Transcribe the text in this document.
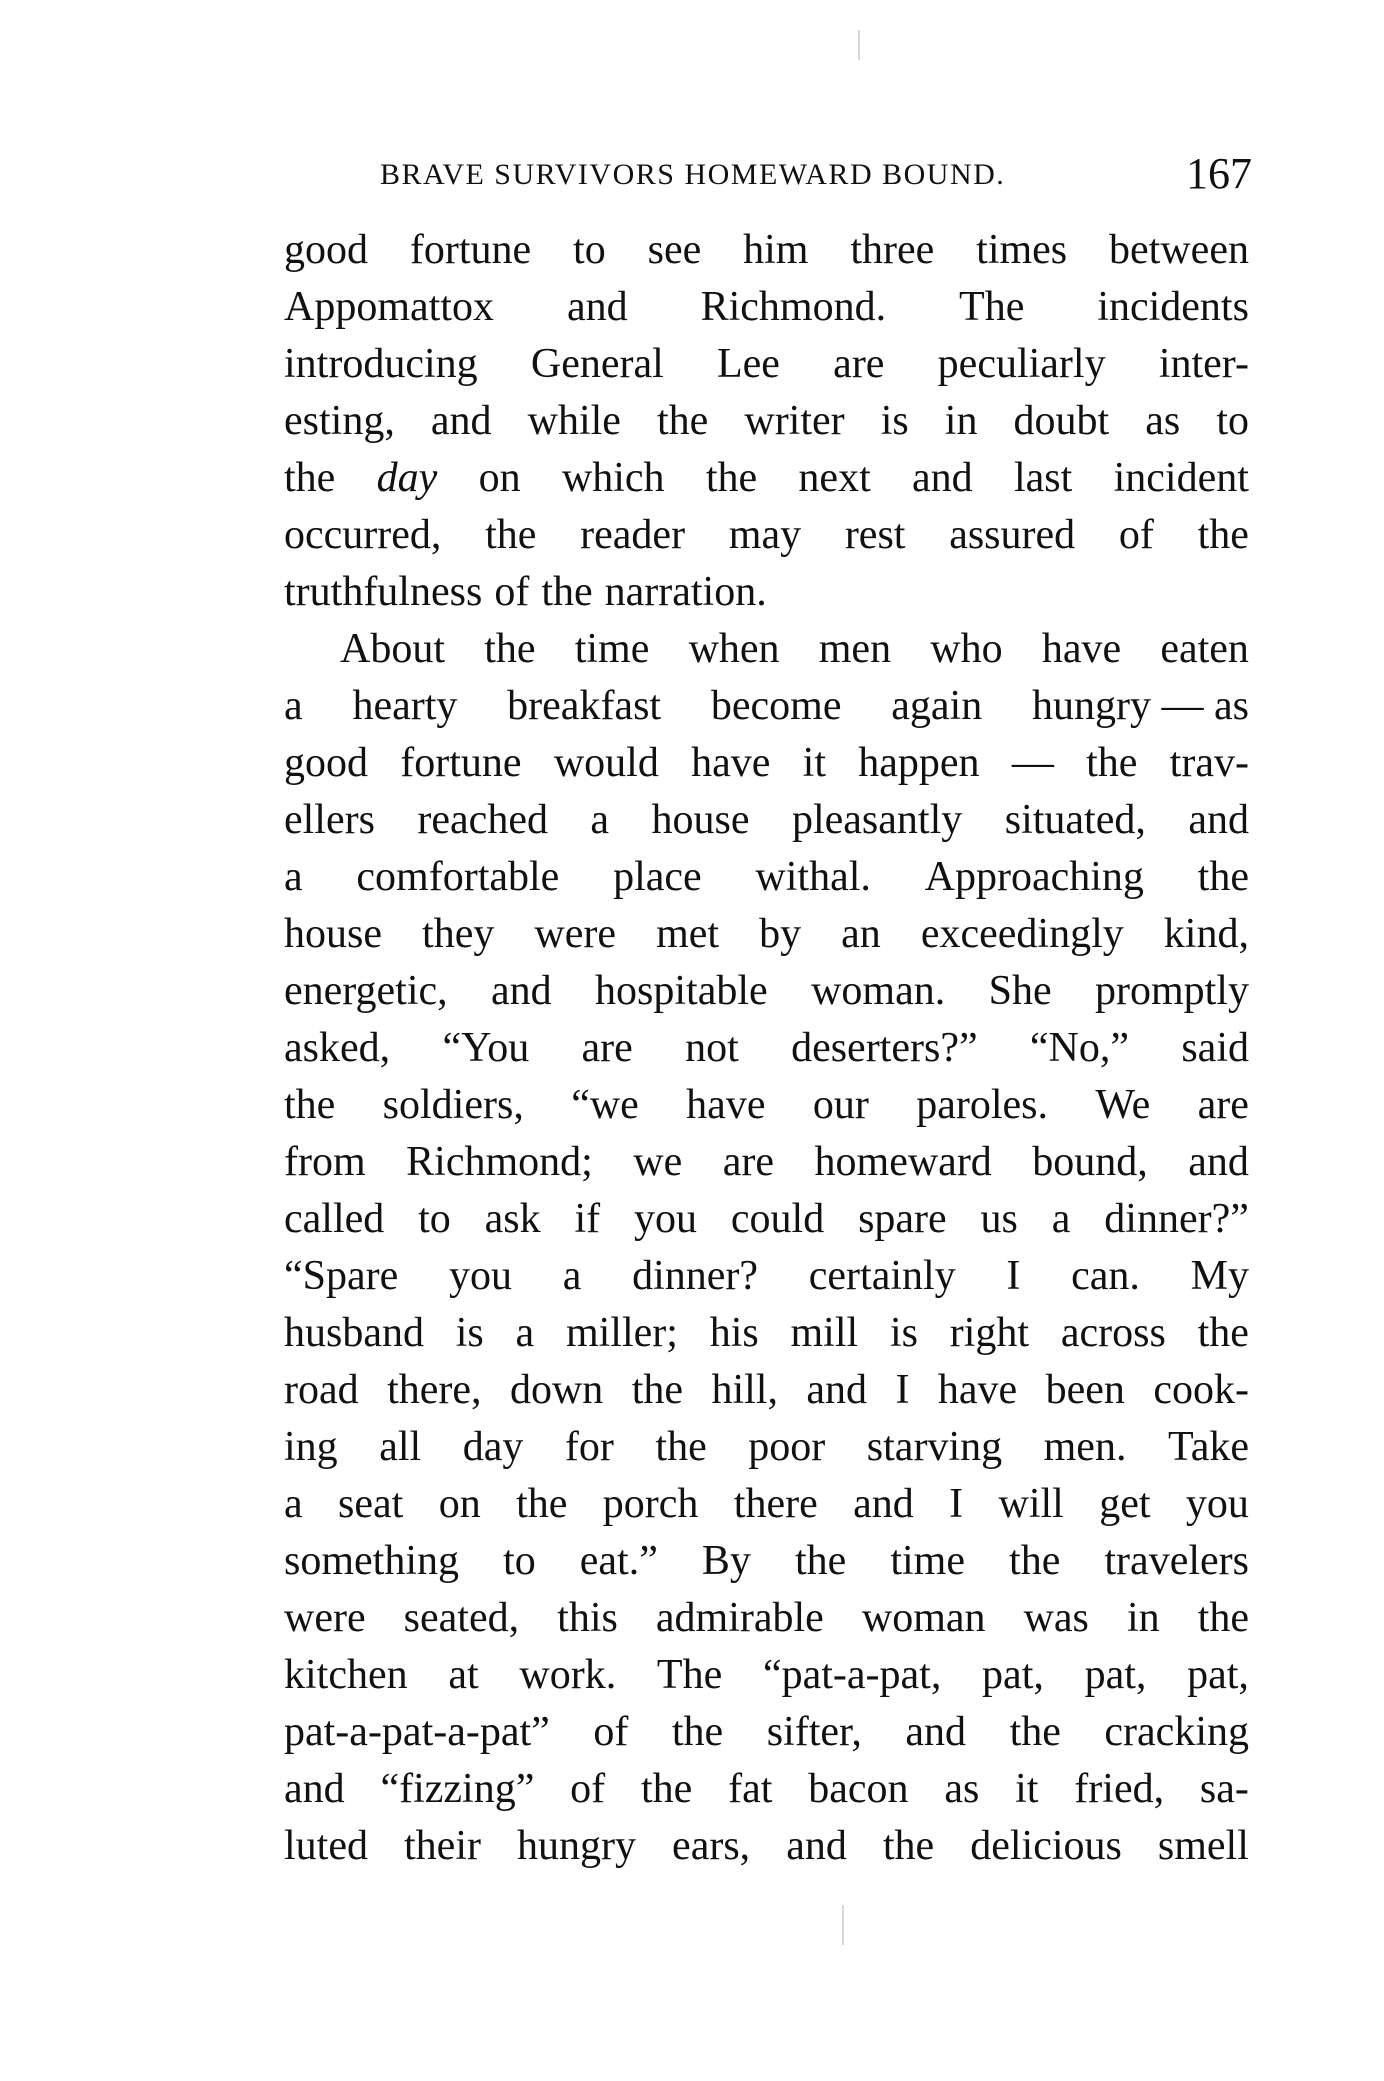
BRAVE SURVIVORS HOMEWARD BOUND.	167
good fortune to see him three times between
Appomattox and Richmond. The incidents
introducing General Lee are peculiarly inter-
esting, and while the writer is in doubt as to
the day on which the next and last incident
occurred, the reader may rest assured of the
truthfulness of the narration.
About the time when men who have eaten
a hearty breakfast become again hungry — as
good fortune would have it happen — the trav-
ellers reached a house pleasantly situated, and
a comfortable place withal. Approaching the
house they were met by an exceedingly kind,
energetic, and hospitable woman. She promptly
asked, “You are not deserters?” “No,” said
the soldiers, “we have our paroles. We are
from Richmond; we are homeward bound, and
called to ask if you could spare us a dinner?”
“Spare you a dinner? certainly I can. My
husband is a miller; his mill is right across the
road there, down the hill, and I have been cook-
ing all day for the poor starving men. Take
a seat on the porch there and I will get you
something to eat.” By the time the travelers
were seated, this admirable woman was in the
kitchen at work. The “pat-a-pat, pat, pat, pat,
pat-a-pat-a-pat” of the sifter, and the cracking
and “fizzing” of the fat bacon as it fried, sa-
luted their hungry ears, and the delicious smell
